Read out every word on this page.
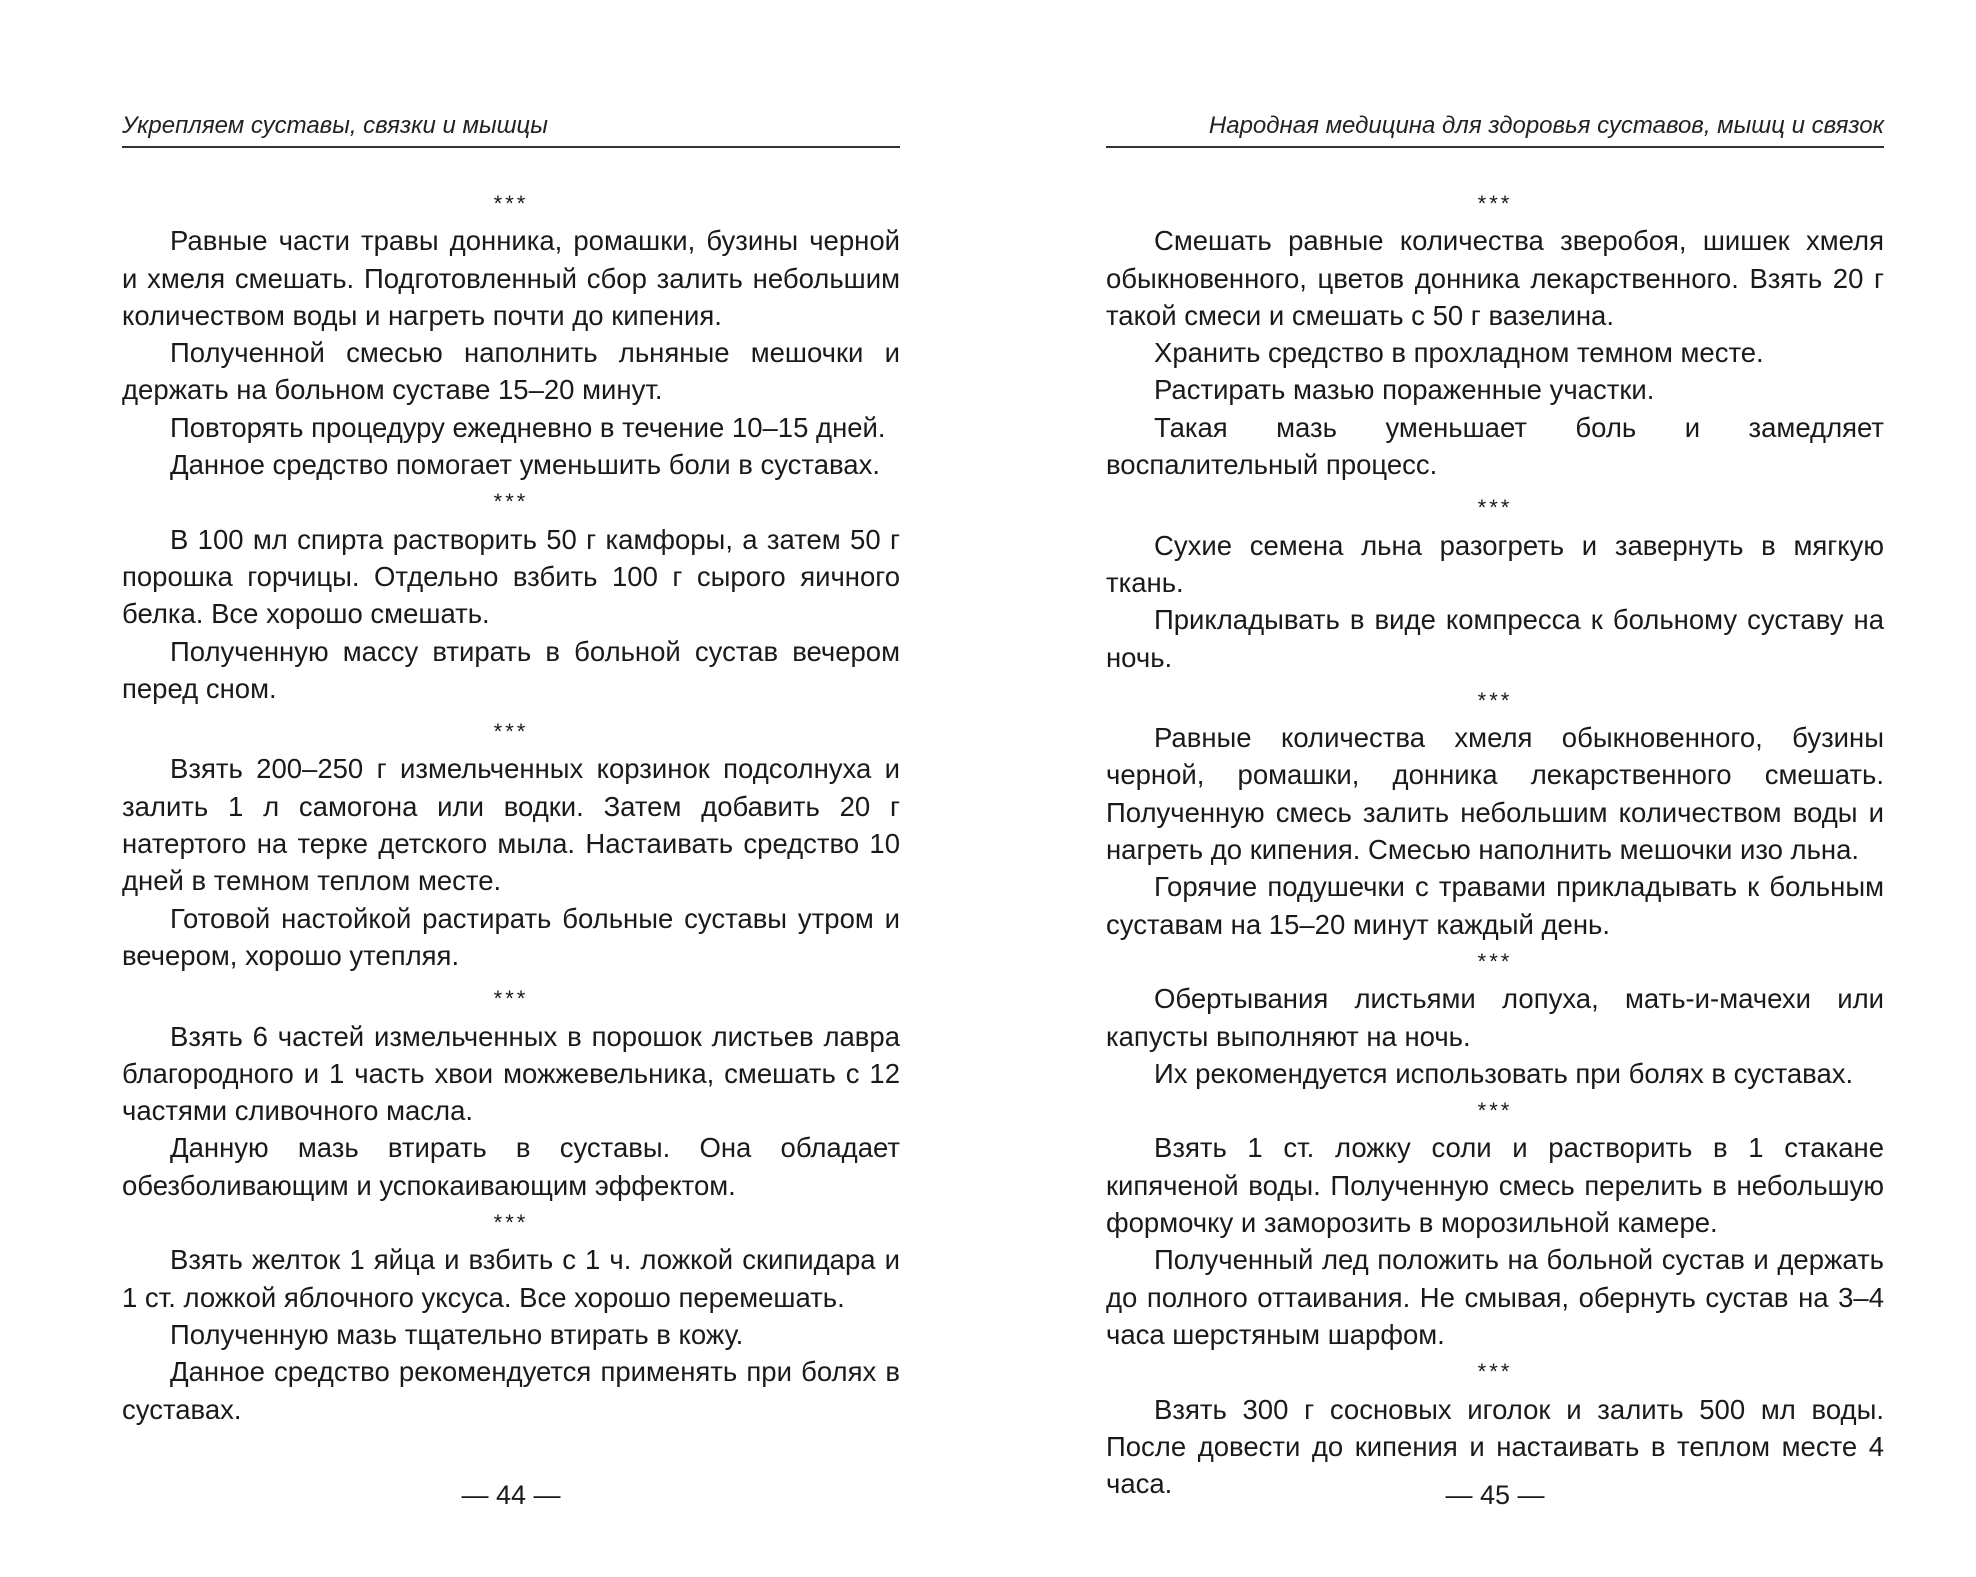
Укрепляем суставы, связки и мышцы
***

Равные части травы донника, ромашки, бузины черной и хмеля смешать. Подготовленный сбор залить небольшим количеством воды и нагреть почти до кипения.

Полученной смесью наполнить льняные мешочки и держать на больном суставе 15–20 минут.

Повторять процедуру ежедневно в течение 10–15 дней.

Данное средство помогает уменьшить боли в суставах.

***

В 100 мл спирта растворить 50 г камфоры, а затем 50 г порошка горчицы. Отдельно взбить 100 г сырого яичного белка. Все хорошо смешать.

Полученную массу втирать в больной сустав вечером перед сном.

***

Взять 200–250 г измельченных корзинок подсолнуха и залить 1 л самогона или водки. Затем добавить 20 г натертого на терке детского мыла. Настаивать средство 10 дней в темном теплом месте.

Готовой настойкой растирать больные суставы утром и вечером, хорошо утепляя.

***

Взять 6 частей измельченных в порошок листьев лавра благородного и 1 часть хвои можжевельника, смешать с 12 частями сливочного масла.

Данную мазь втирать в суставы. Она обладает обезболивающим и успокаивающим эффектом.

***

Взять желток 1 яйца и взбить с 1 ч. ложкой скипидара и 1 ст. ложкой яблочного уксуса. Все хорошо перемешать.

Полученную мазь тщательно втирать в кожу.

Данное средство рекомендуется применять при болях в суставах.

— 44 —
Народная медицина для здоровья суставов, мышц и связок
***

Смешать равные количества зверобоя, шишек хмеля обыкновенного, цветов донника лекарственного. Взять 20 г такой смеси и смешать с 50 г вазелина.

Хранить средство в прохладном темном месте.

Растирать мазью пораженные участки.

Такая мазь уменьшает боль и замедляет воспалительный процесс.

***

Сухие семена льна разогреть и завернуть в мягкую ткань.

Прикладывать в виде компресса к больному суставу на ночь.

***

Равные количества хмеля обыкновенного, бузины черной, ромашки, донника лекарственного смешать. Полученную смесь залить небольшим количеством воды и нагреть до кипения. Смесью наполнить мешочки изо льна.

Горячие подушечки с травами прикладывать к больным суставам на 15–20 минут каждый день.

***

Обертывания листьями лопуха, мать-и-мачехи или капусты выполняют на ночь.

Их рекомендуется использовать при болях в суставах.

***

Взять 1 ст. ложку соли и растворить в 1 стакане кипяченой воды. Полученную смесь перелить в небольшую формочку и заморозить в морозильной камере.

Полученный лед положить на больной сустав и держать до полного оттаивания. Не смывая, обернуть сустав на 3–4 часа шерстяным шарфом.

***

Взять 300 г сосновых иголок и залить 500 мл воды. После довести до кипения и настаивать в теплом месте 4 часа.	— 45 —
